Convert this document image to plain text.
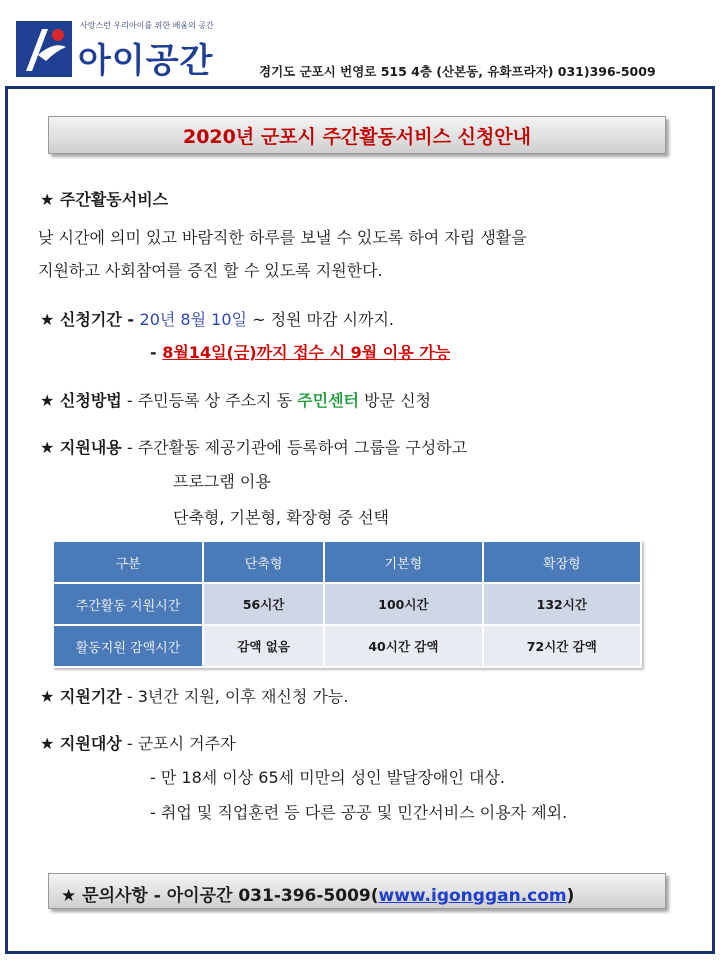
사랑스런 우리아이를 위한 배움의 공간
아이공간	경기도 군포시 번영로 515 4층 (산본동, 유화프라자) 031)396-5009
2020년 군포시 주간활동서비스 신청안내
★ 주간활동서비스
낮 시간에 의미 있고 바람직한 하루를 보낼 수 있도록 하여 자립 생활을
지원하고 사회참여를 증진 할 수 있도록 지원한다.
★ 신청기간 - 20년 8월 10일 ~ 정원 마감 시까지.
- 8월14일(금)까지 접수 시 9월 이용 가능
★ 신청방법 - 주민등록 상 주소지 동 주민센터 방문 신청
★ 지원내용 - 주간활동 제공기관에 등록하여 그룹을 구성하고
프로그램 이용
단축형, 기본형, 확장형 중 선택
구분	단축형	기본형	확장형
주간활동 지원시간	56시간	100시간	132시간
활동지원 감액시간	감액 없음	40시간 감액	72시간 감액
★ 지원기간 - 3년간 지원, 이후 재신청 가능.
★ 지원대상 - 군포시 거주자
- 만 18세 이상 65세 미만의 성인 발달장애인 대상.
- 취업 및 직업훈련 등 다른 공공 및 민간서비스 이용자 제외.
★ 문의사항 - 아이공간 031-396-5009(www.igonggan.com)
